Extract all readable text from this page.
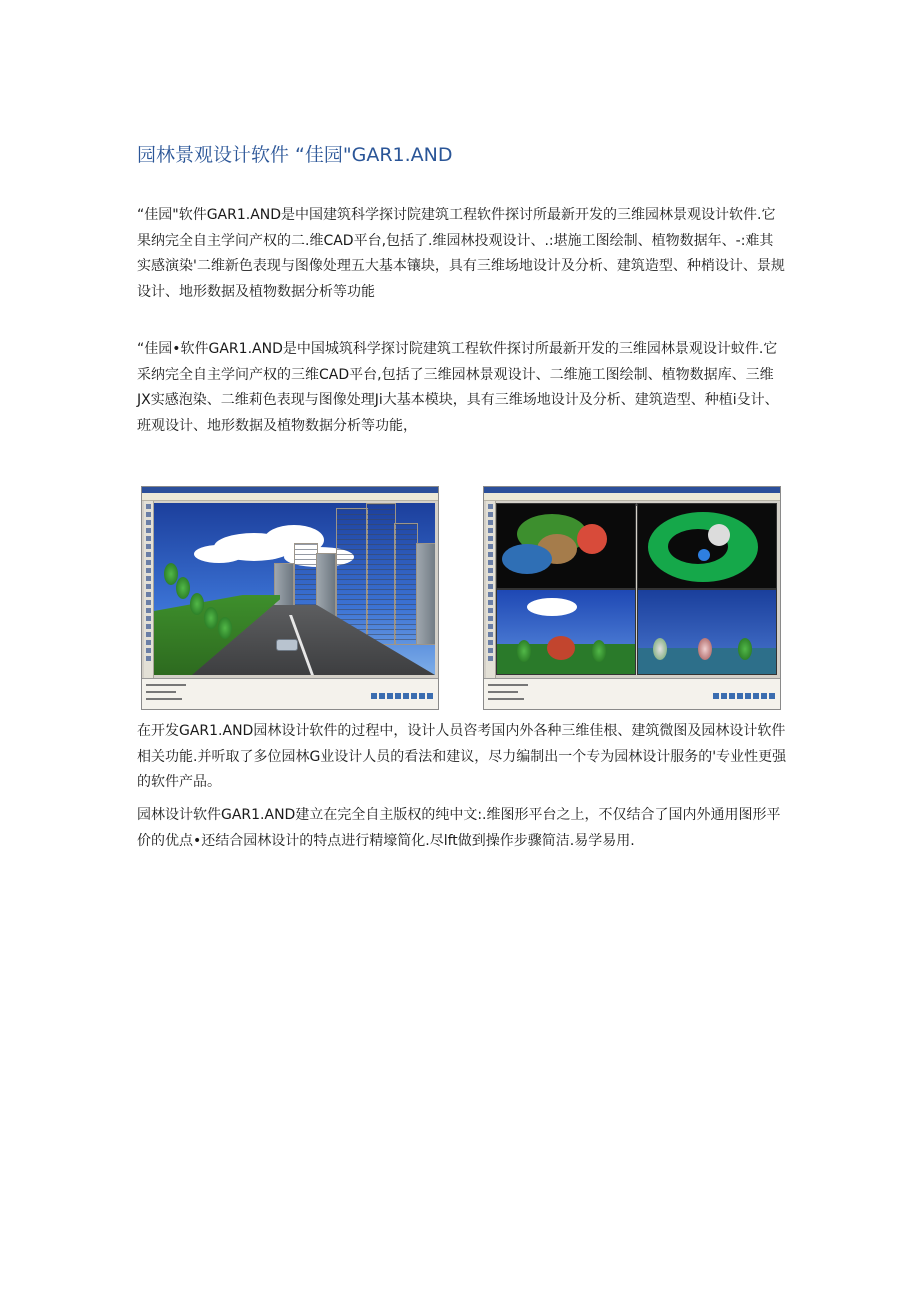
园林景观设计软件 “佳园"GAR1.AND

“佳园"软件GAR1.AND是中国建筑科学探讨院建筑工程软件探讨所最新开发的三维园林景观设计软件.它果纳完全自主学问产权的二.维CAD平台,包括了.维园林投观设计、.:堪施工图绘制、植物数据年、-:难其实感演染'二维新色表现与图像处理五大基本镶块，具有三维场地设计及分析、建筑造型、种梢设计、景规设计、地形数据及植物数据分析等功能

“佳园•软件GAR1.AND是中国城筑科学探讨院建筑工程软件探讨所最新开发的三维园林景观设计蚊件.它采纳完全自主学问产权的三维CAD平台,包括了三维园林景观设计、二维施工图绘制、植物数据库、三维JX实感泡染、二维莉色表现与图像处理Ji大基本模块，具有三维场地设计及分析、建筑造型、种植i殳计、班观设计、地形数据及植物数据分析等功能，

在开发GAR1.AND园林设计软件的过程中，设计人员咨考国内外各种三维佳根、建筑微图及园林设计软件相关功能.并听取了多位园林G业设计人员的看法和建议，尽力编制出一个专为园林设计服务的'专业性更强的软件产品。

园林设计软件GAR1.AND建立在完全自主版权的纯中文:.维图形平台之上，不仅结合了国内外通用图形平价的优点•还结合园林设计的特点进行精壕简化.尽lft做到操作步骤简洁.易学易用.
